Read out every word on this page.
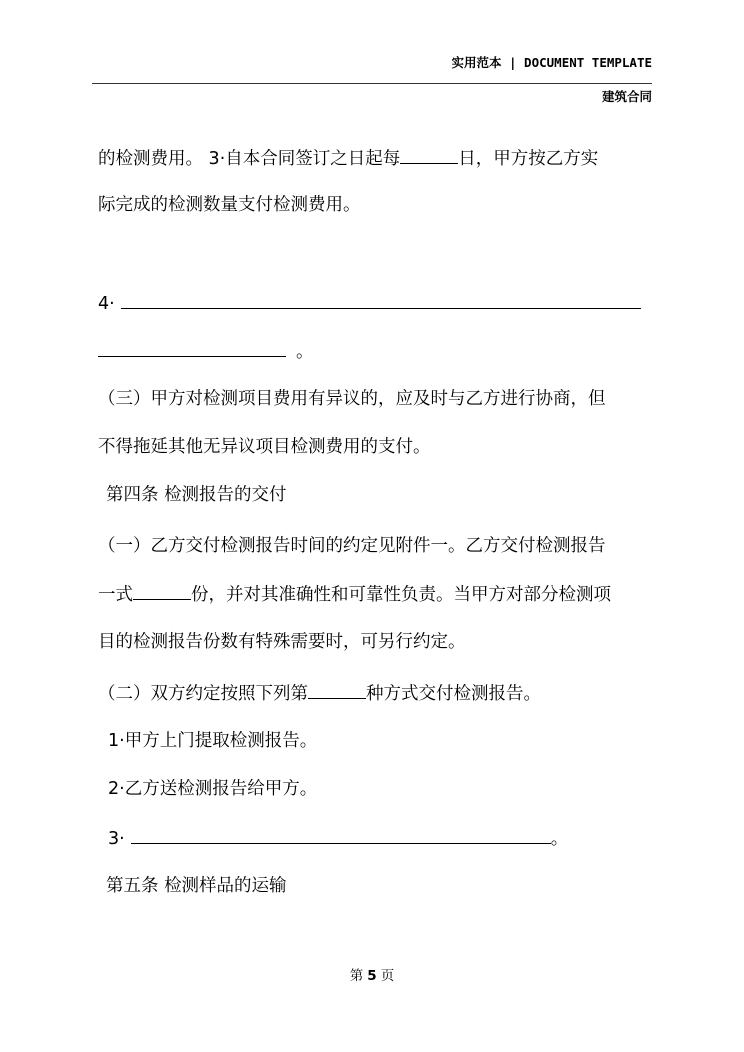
实用范本 | DOCUMENT TEMPLATE
建筑合同
的检测费用。 3·自本合同签订之日起每	日，甲方按乙方实
际完成的检测数量支付检测费用。
4·
。
（三）甲方对检测项目费用有异议的，应及时与乙方进行协商，但
不得拖延其他无异议项目检测费用的支付。
第四条 检测报告的交付
（一）乙方交付检测报告时间的约定见附件一。乙方交付检测报告
一式	份，并对其准确性和可靠性负责。当甲方对部分检测项
目的检测报告份数有特殊需要时，可另行约定。
（二）双方约定按照下列第	种方式交付检测报告。
1·甲方上门提取检测报告。
2·乙方送检测报告给甲方。
3·	。
第五条 检测样品的运输
第 5 页
